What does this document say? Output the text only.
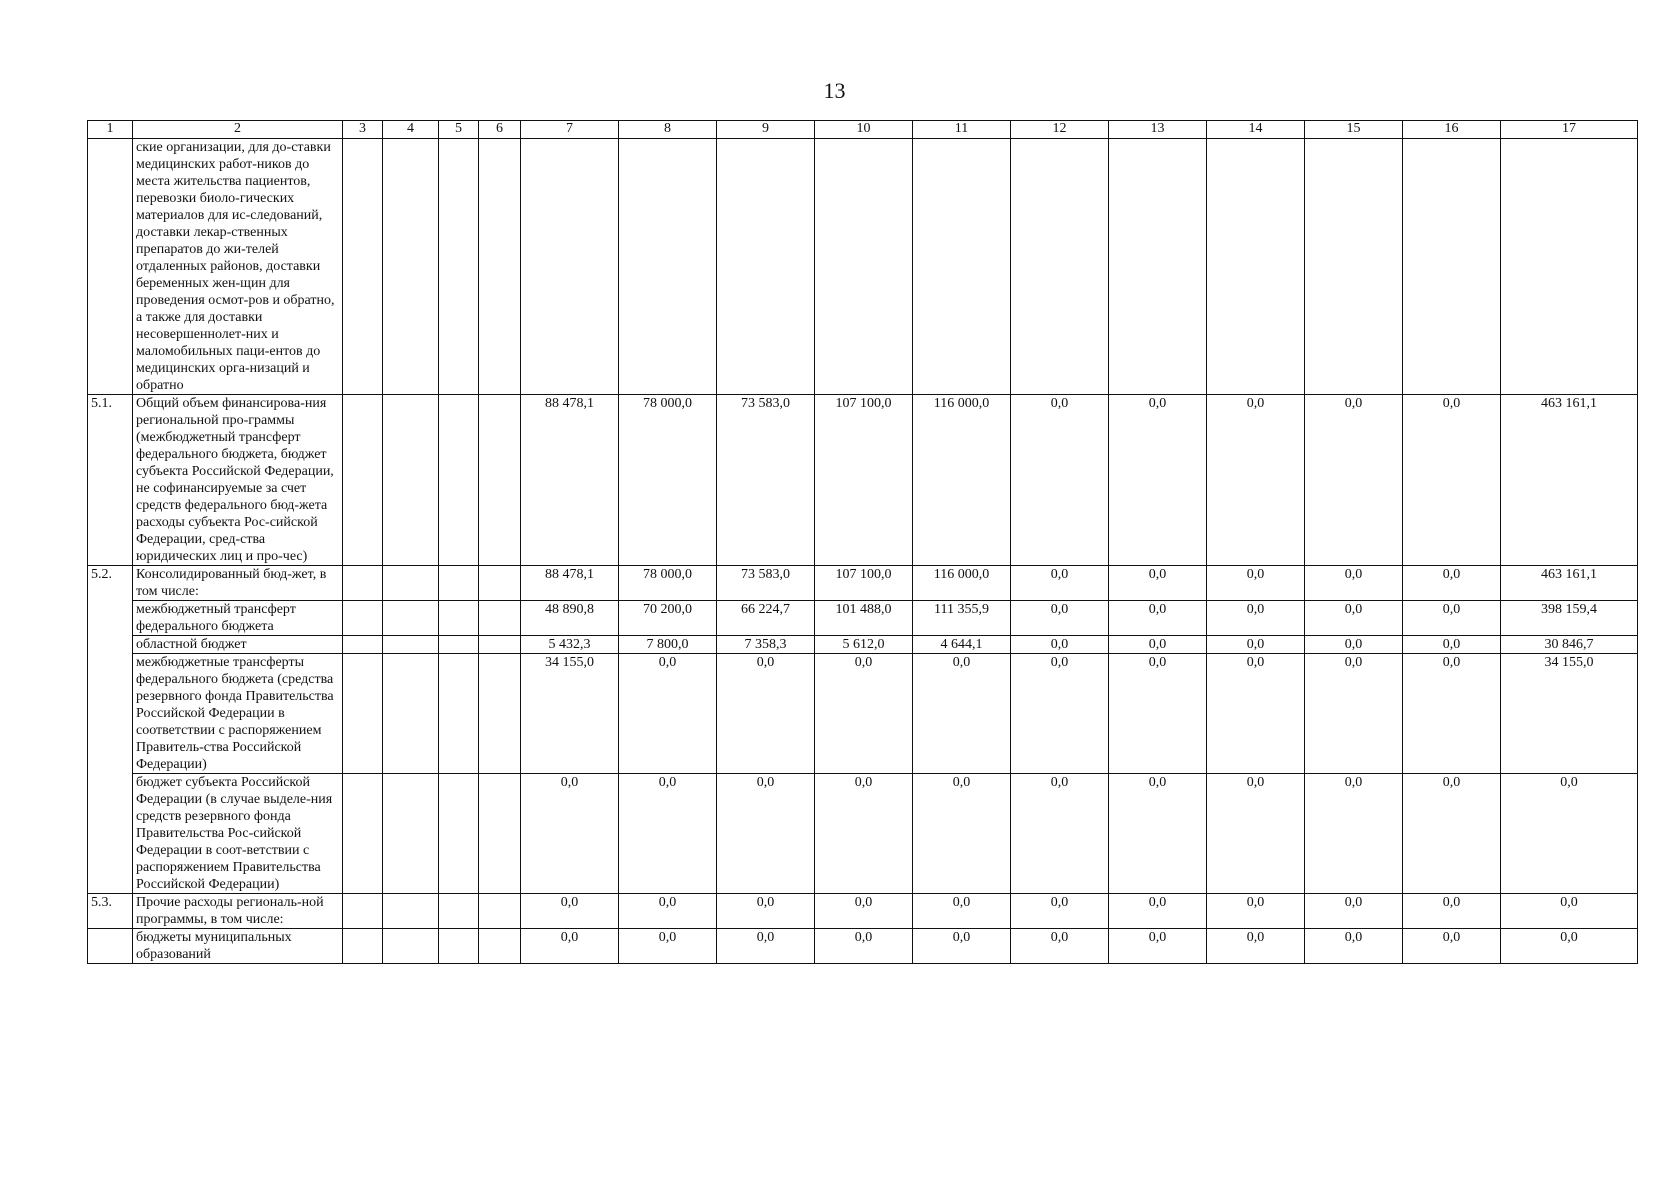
13
1	2	3	4	5	6	7	8	9	10	11	12	13	14	15	16	17
	ские организации, для до-ставки медицинских работ-ников до места жительства пациентов, перевозки биоло-гических материалов для ис-следований, доставки лекар-ственных препаратов до жи-телей отдаленных районов, доставки беременных жен-щин для проведения осмот-ров и обратно, а также для доставки несовершеннолет-них и маломобильных паци-ентов до медицинских орга-низаций и обратно															
5.1.	Общий объем финансирова-ния региональной про-граммы (межбюджетный трансферт федерального бюджета, бюджет субъекта Российской Федерации, не софинансируемые за счет средств федерального бюд-жета расходы субъекта Рос-сийской Федерации, сред-ства юридических лиц и про-чес)					88 478,1	78 000,0	73 583,0	107 100,0	116 000,0	0,0	0,0	0,0	0,0	0,0	463 161,1
5.2.	Консолидированный бюд-жет, в том числе:					88 478,1	78 000,0	73 583,0	107 100,0	116 000,0	0,0	0,0	0,0	0,0	0,0	463 161,1
	межбюджетный трансферт федерального бюджета					48 890,8	70 200,0	66 224,7	101 488,0	111 355,9	0,0	0,0	0,0	0,0	0,0	398 159,4
	областной бюджет					5 432,3	7 800,0	7 358,3	5 612,0	4 644,1	0,0	0,0	0,0	0,0	0,0	30 846,7
	межбюджетные трансферты федерального бюджета (средства резервного фонда Правительства Российской Федерации в соответствии с распоряжением Правитель-ства Российской Федерации)					34 155,0	0,0	0,0	0,0	0,0	0,0	0,0	0,0	0,0	0,0	34 155,0
	бюджет субъекта Российской Федерации (в случае выделе-ния средств резервного фонда Правительства Рос-сийской Федерации в соот-ветствии с распоряжением Правительства Российской Федерации)					0,0	0,0	0,0	0,0	0,0	0,0	0,0	0,0	0,0	0,0	0,0
5.3.	Прочие расходы региональ-ной программы, в том числе:					0,0	0,0	0,0	0,0	0,0	0,0	0,0	0,0	0,0	0,0	0,0
	бюджеты муниципальных образований					0,0	0,0	0,0	0,0	0,0	0,0	0,0	0,0	0,0	0,0	0,0
